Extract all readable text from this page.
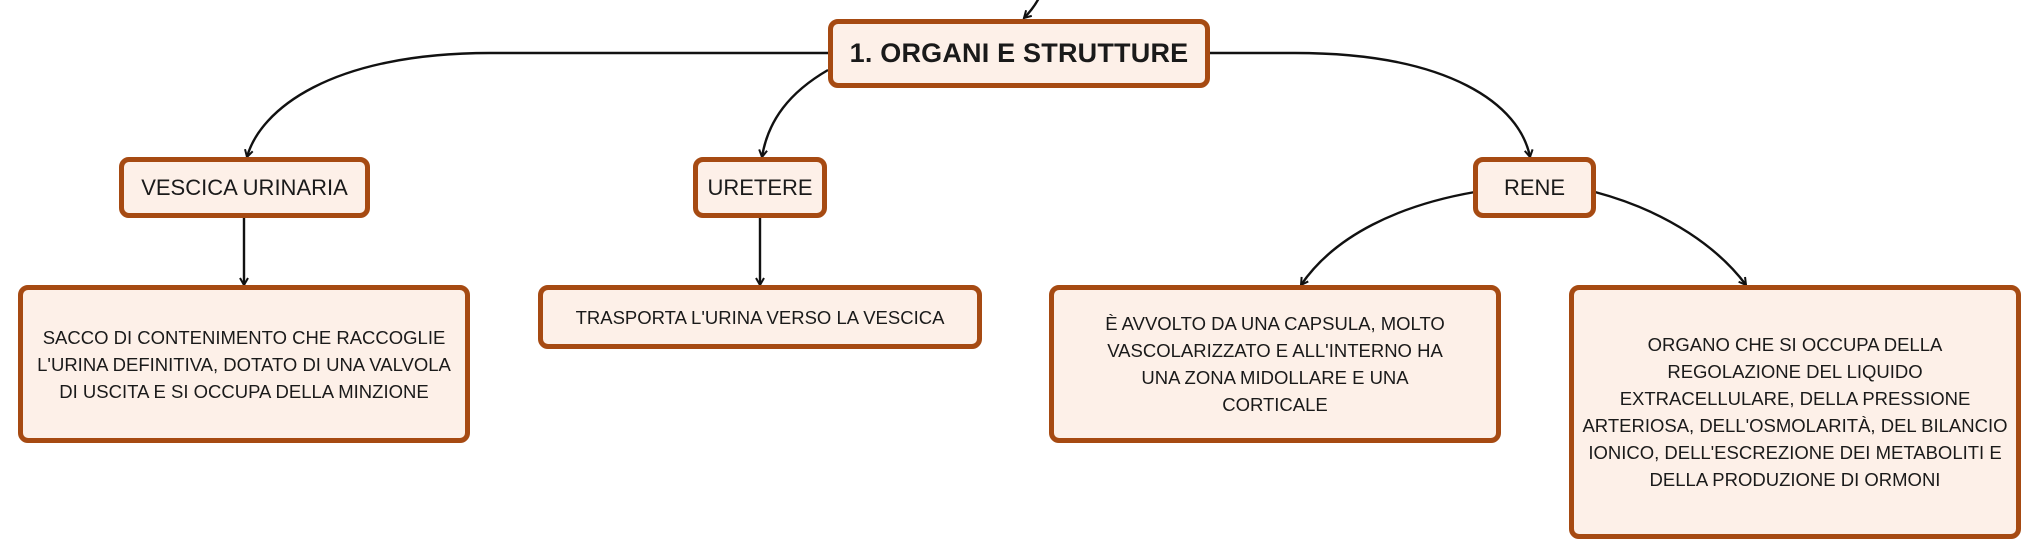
1. ORGANI E STRUTTURE
VESCICA URINARIA	URETERE	RENE
SACCO DI CONTENIMENTO CHE RACCOGLIE L'URINA DEFINITIVA, DOTATO DI UNA VALVOLA DI USCITA E SI OCCUPA DELLA MINZIONE
TRASPORTA L'URINA VERSO LA VESCICA	È AVVOLTO DA UNA CAPSULA, MOLTO VASCOLARIZZATO E ALL'INTERNO HA UNA ZONA MIDOLLARE E UNA CORTICALE
ORGANO CHE SI OCCUPA DELLA REGOLAZIONE DEL LIQUIDO EXTRACELLULARE, DELLA PRESSIONE ARTERIOSA, DELL'OSMOLARITÀ, DEL BILANCIO IONICO, DELL'ESCREZIONE DEI METABOLITI E DELLA PRODUZIONE DI ORMONI
